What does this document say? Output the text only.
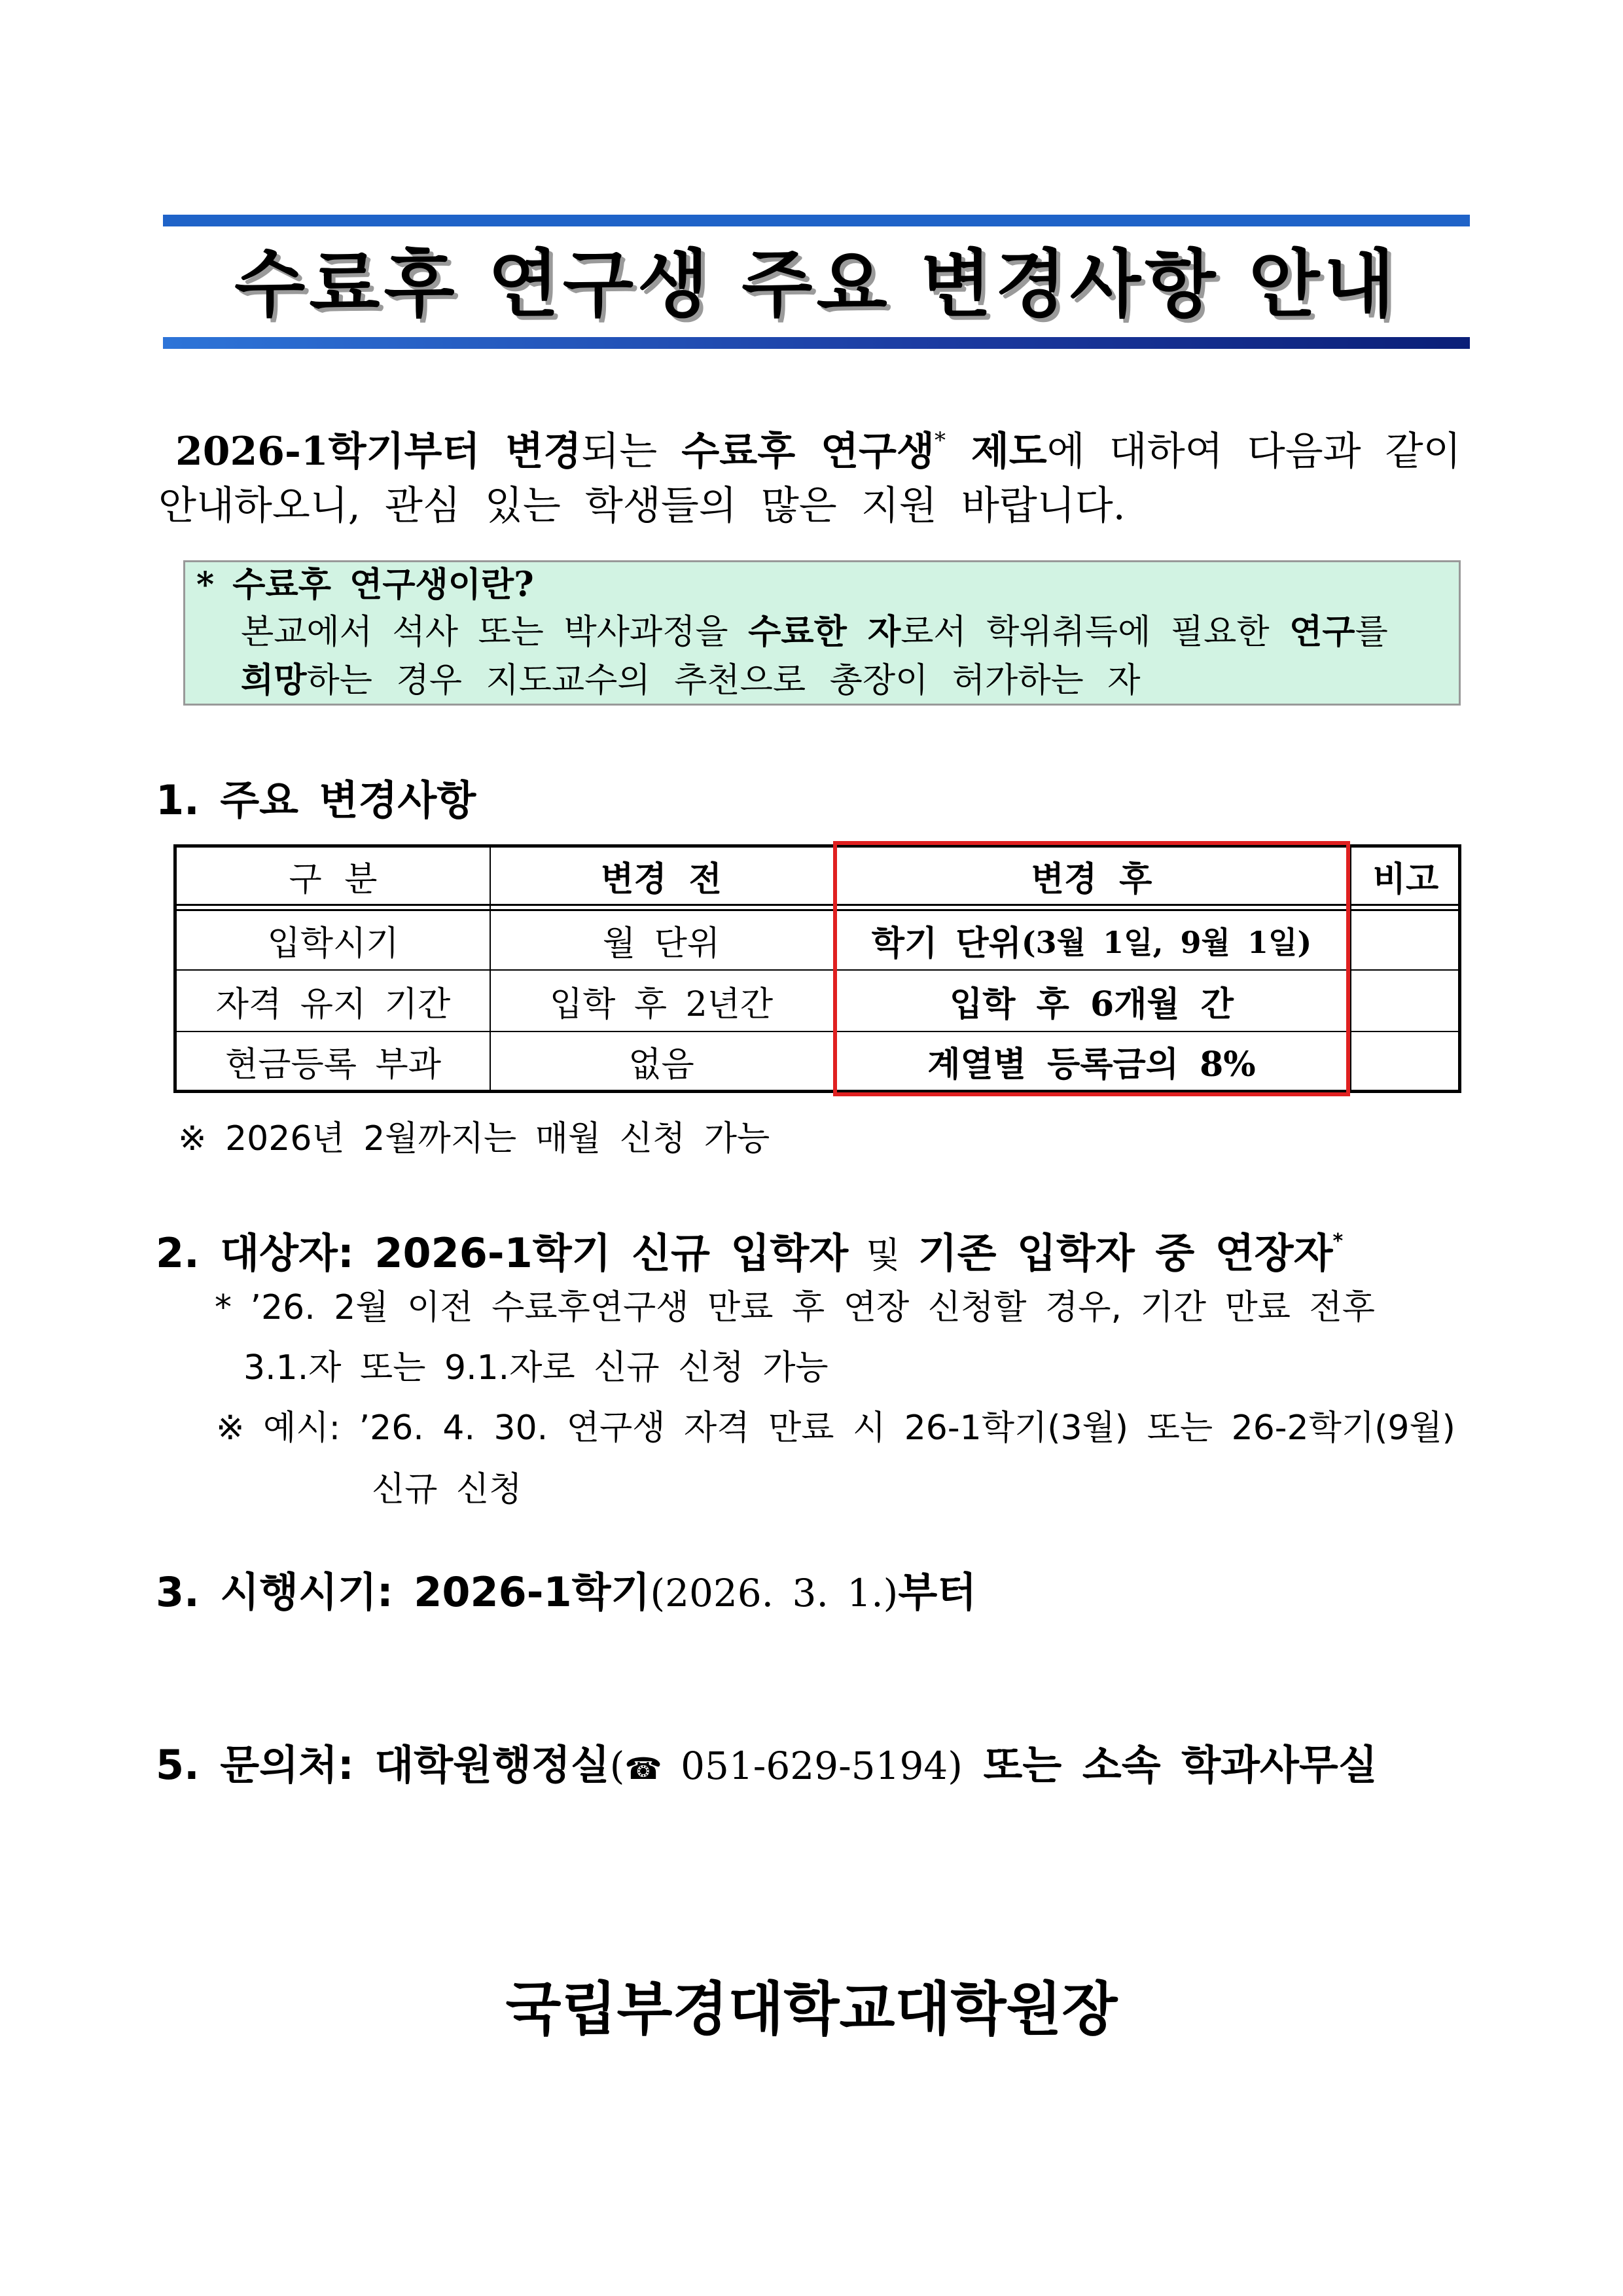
수료후 연구생 주요 변경사항 안내
2026-1학기부터 변경되는 수료후 연구생* 제도에 대하여 다음과 같이
안내하오니, 관심 있는 학생들의 많은 지원 바랍니다.
* 수료후 연구생이란?
본교에서 석사 또는 박사과정을 수료한 자로서 학위취득에 필요한 연구를
희망하는 경우 지도교수의 추천으로 총장이 허가하는 자
1. 주요 변경사항
구 분	변경 전	변경 후	비고
입학시기	월 단위	학기 단위 (3월 1일, 9월 1일)
자격 유지 기간	입학 후 2년간	입학 후 6개월 간
현금등록 부과	없음	계열별 등록금의 8%
※ 2026년 2월까지는 매월 신청 가능
2. 대상자: 2026-1학기 신규 입학자 및 기존 입학자 중 연장자*
* ’26. 2월 이전 수료후연구생 만료 후 연장 신청할 경우, 기간 만료 전후
3.1.자 또는 9.1.자로 신규 신청 가능
※ 예시: ’26. 4. 30. 연구생 자격 만료 시 26-1학기(3월) 또는 26-2학기(9월)
신규 신청
3. 시행시기: 2026-1학기(2026. 3. 1.)부터
5. 문의처: 대학원행정실(☎ 051-629-5194) 또는 소속 학과사무실
국립부경대학교대학원장
